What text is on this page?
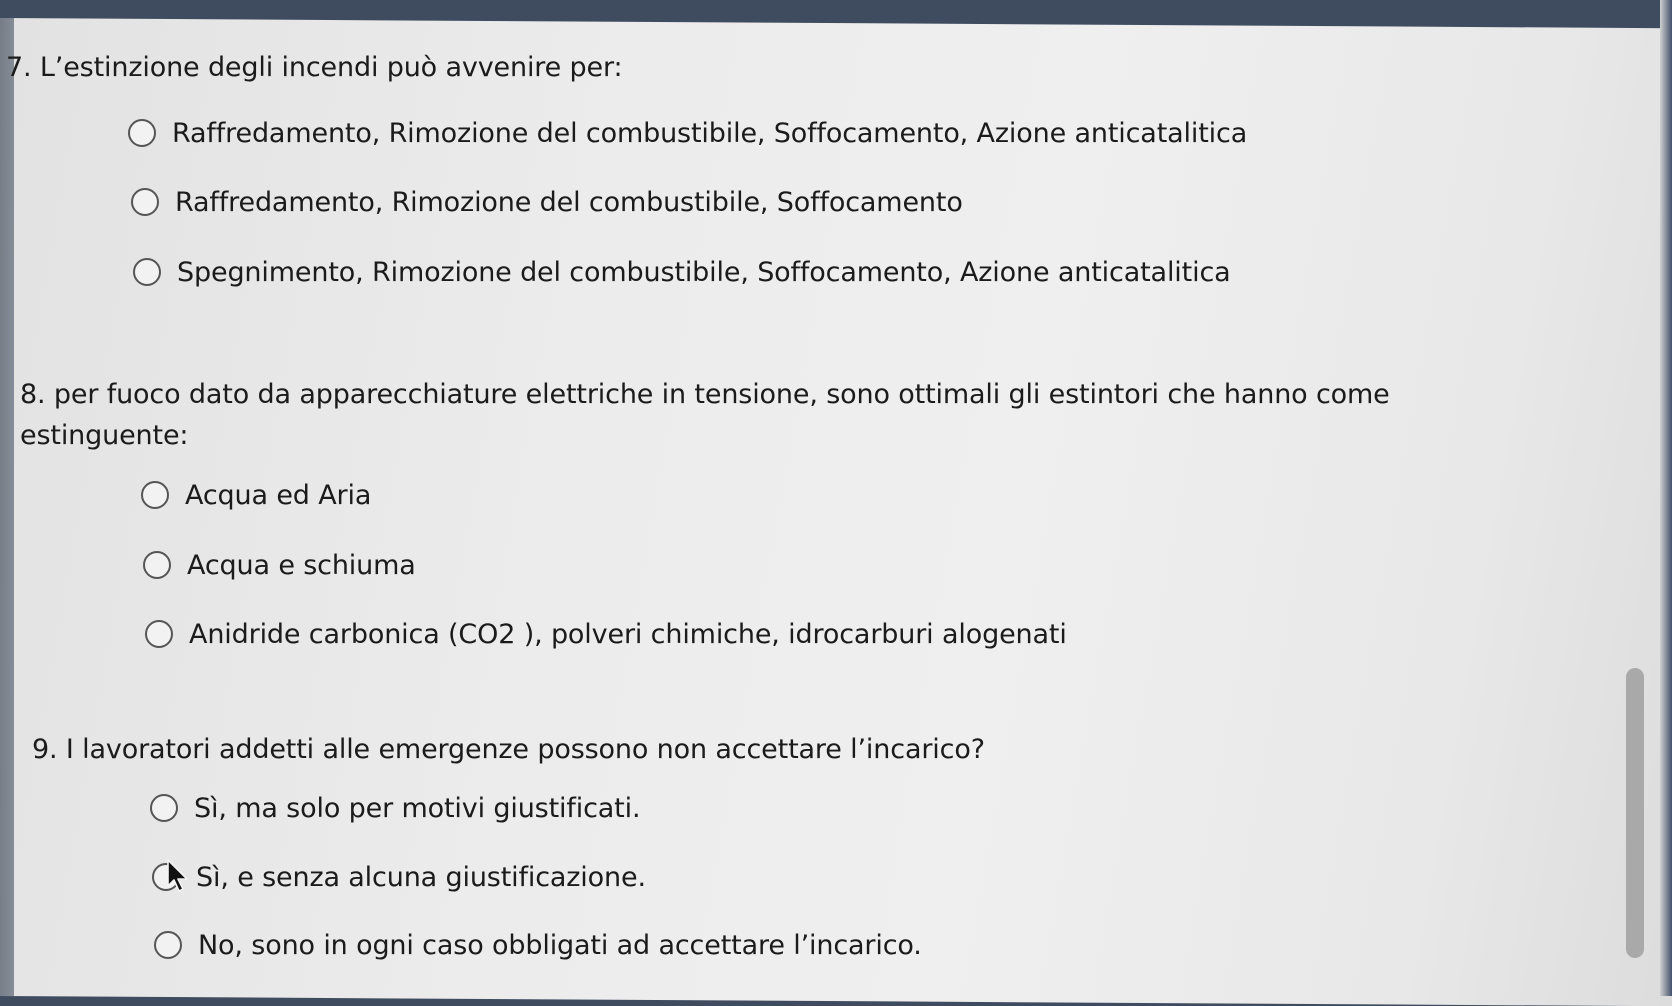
7. L’estinzione degli incendi può avvenire per:

Raffredamento, Rimozione del combustibile, Soffocamento, Azione anticatalitica
Raffredamento, Rimozione del combustibile, Soffocamento
Spegnimento, Rimozione del combustibile, Soffocamento, Azione anticatalitica

8. per fuoco dato da apparecchiature elettriche in tensione, sono ottimali gli estintori che hanno come
estinguente:

Acqua ed Aria
Acqua e schiuma
Anidride carbonica (CO2 ), polveri chimiche, idrocarburi alogenati

9. I lavoratori addetti alle emergenze possono non accettare l’incarico?

Sì, ma solo per motivi giustificati.
Sì, e senza alcuna giustificazione.
No, sono in ogni caso obbligati ad accettare l’incarico.
